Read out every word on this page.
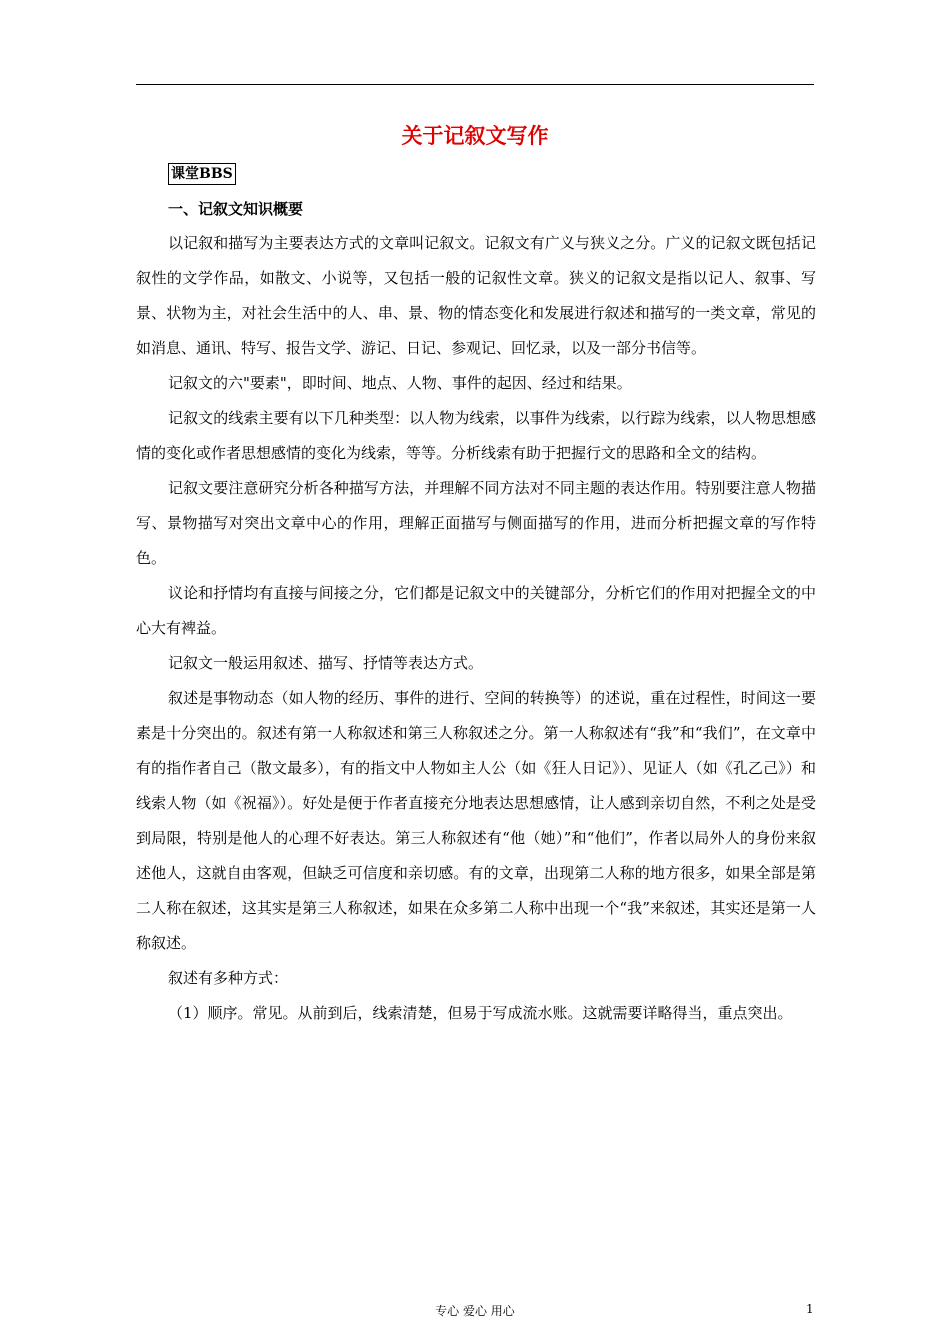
关于记叙文写作
课堂BBS
一、记叙文知识概要

以记叙和描写为主要表达方式的文章叫记叙文。记叙文有广义与狭义之分。广义的记叙文既包括记叙性的文学作品，如散文、小说等，又包括一般的记叙性文章。狭义的记叙文是指以记人、叙事、写景、状物为主，对社会生活中的人、串、景、物的情态变化和发展进行叙述和描写的一类文章，常见的如消息、通讯、特写、报告文学、游记、日记、参观记、回忆录，以及一部分书信等。

记叙文的六"要素"，即时间、地点、人物、事件的起因、经过和结果。

记叙文的线索主要有以下几种类型：以人物为线索，以事件为线索，以行踪为线索，以人物思想感情的变化或作者思想感情的变化为线索，等等。分析线索有助于把握行文的思路和全文的结构。

记叙文要注意研究分析各种描写方法，并理解不同方法对不同主题的表达作用。特别要注意人物描写、景物描写对突出文章中心的作用，理解正面描写与侧面描写的作用，进而分析把握文章的写作特色。

议论和抒情均有直接与间接之分，它们都是记叙文中的关键部分，分析它们的作用对把握全文的中心大有裨益。

记叙文一般运用叙述、描写、抒情等表达方式。

叙述是事物动态（如人物的经历、事件的进行、空间的转换等）的述说，重在过程性，时间这一要素是十分突出的。叙述有第一人称叙述和第三人称叙述之分。第一人称叙述有“我”和“我们”，在文章中有的指作者自己（散文最多），有的指文中人物如主人公（如《狂人日记》）、见证人（如《孔乙己》）和线索人物（如《祝福》）。好处是便于作者直接充分地表达思想感情，让人感到亲切自然，不利之处是受到局限，特别是他人的心理不好表达。第三人称叙述有“他（她）”和“他们”，作者以局外人的身份来叙述他人，这就自由客观，但缺乏可信度和亲切感。有的文章，出现第二人称的地方很多，如果全部是第二人称在叙述，这其实是第三人称叙述，如果在众多第二人称中出现一个“我”来叙述，其实还是第一人称叙述。

叙述有多种方式：

（1）顺序。常见。从前到后，线索清楚，但易于写成流水账。这就需要详略得当，重点突出。

专心 爱心 用心	1
